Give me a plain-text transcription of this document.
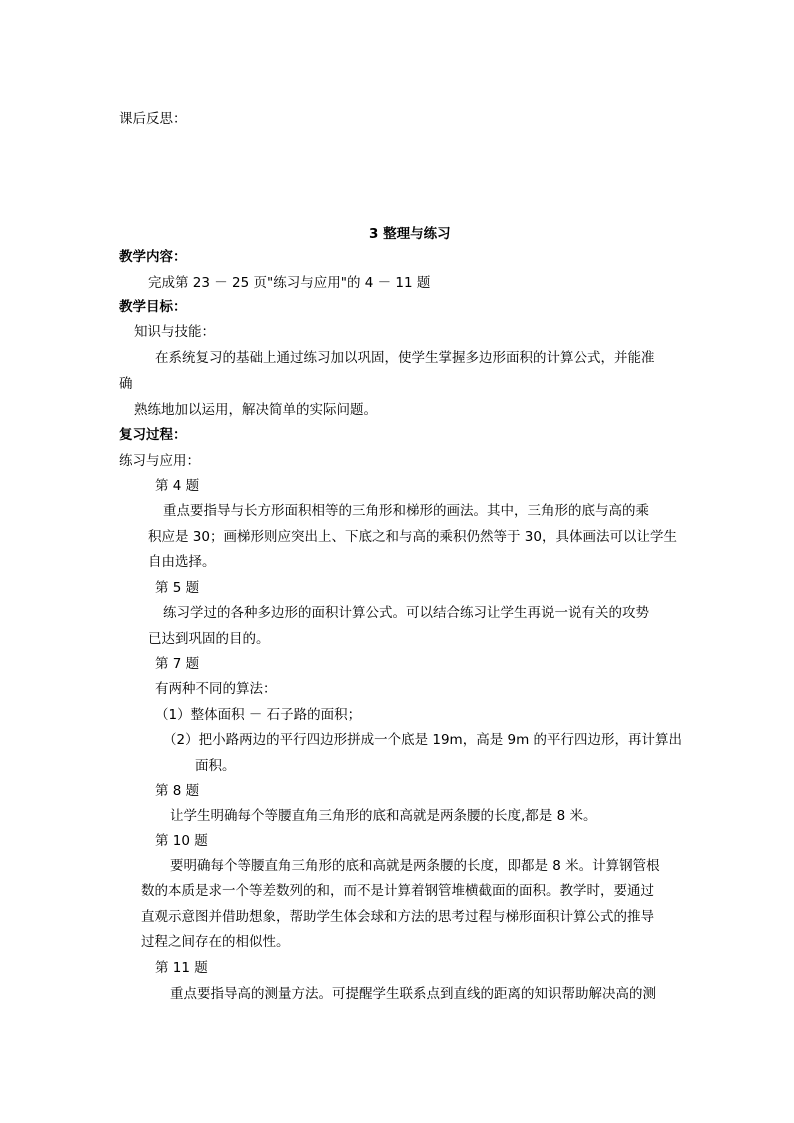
课后反思：
3 整理与练习
教学内容：
完成第 23 － 25 页"练习与应用"的 4 － 11 题
教学目标：
知识与技能：
在系统复习的基础上通过练习加以巩固，使学生掌握多边形面积的计算公式，并能准
确
熟练地加以运用，解决简单的实际问题。
复习过程：
练习与应用：
第 4 题
重点要指导与长方形面积相等的三角形和梯形的画法。其中，三角形的底与高的乘
积应是 30；画梯形则应突出上、下底之和与高的乘积仍然等于 30，具体画法可以让学生
自由选择。
第 5 题
练习学过的各种多边形的面积计算公式。可以结合练习让学生再说一说有关的攻势
已达到巩固的目的。
第 7 题
有两种不同的算法：
（1）整体面积 － 石子路的面积；
（2）把小路两边的平行四边形拼成一个底是 19m，高是 9m 的平行四边形，再计算出
面积。
第 8 题
让学生明确每个等腰直角三角形的底和高就是两条腰的长度,都是 8 米。
第 10 题
要明确每个等腰直角三角形的底和高就是两条腰的长度，即都是 8 米。计算钢管根
数的本质是求一个等差数列的和，而不是计算着钢管堆横截面的面积。教学时，要通过
直观示意图并借助想象，帮助学生体会球和方法的思考过程与梯形面积计算公式的推导
过程之间存在的相似性。
第 11 题
重点要指导高的测量方法。可提醒学生联系点到直线的距离的知识帮助解决高的测
